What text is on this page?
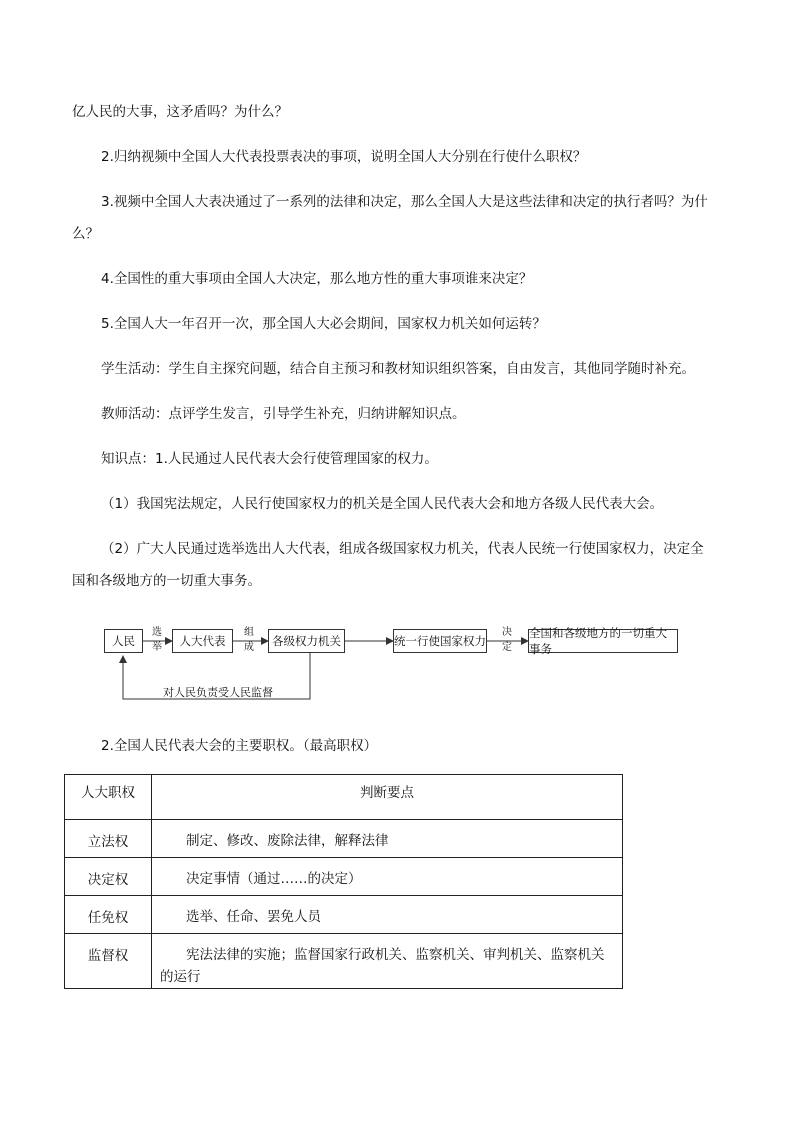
亿人民的大事，这矛盾吗？为什么？
2.归纳视频中全国人大代表投票表决的事项，说明全国人大分别在行使什么职权？
3.视频中全国人大表决通过了一系列的法律和决定，那么全国人大是这些法律和决定的执行者吗？为什
么？
4.全国性的重大事项由全国人大决定，那么地方性的重大事项谁来决定？
5.全国人大一年召开一次，那全国人大必会期间，国家权力机关如何运转？
学生活动：学生自主探究问题，结合自主预习和教材知识组织答案，自由发言，其他同学随时补充。
教师活动：点评学生发言，引导学生补充，归纳讲解知识点。
知识点：1.人民通过人民代表大会行使管理国家的权力。
（1）我国宪法规定，人民行使国家权力的机关是全国人民代表大会和地方各级人民代表大会。
（2）广大人民通过选举选出人大代表，组成各级国家权力机关，代表人民统一行使国家权力，决定全
国和各级地方的一切重大事务。
人民
选
举	人大代表
组
成	各级权力机关	统一行使国家权力
决
定
全国和各级地方的一切重大事务
对人民负责受人民监督
2.全国人民代表大会的主要职权。（最高职权）
人大职权	判断要点
立法权	制定、修改、废除法律，解释法律
决定权	决定事情（通过……的决定）
任免权	选举、任命、罢免人员
监督权	宪法法律的实施；监督国家行政机关、监察机关、审判机关、监察机关的运行
